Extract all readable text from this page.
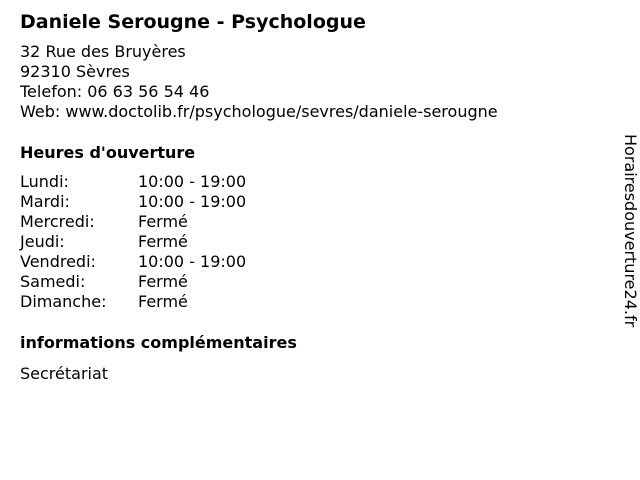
Daniele Serougne - Psychologue
32 Rue des Bruyères
92310 Sèvres
Telefon: 06 63 56 54 46
Web: www.doctolib.fr/psychologue/sevres/daniele-serougne
Heures d'ouverture
Lundi:	10:00 - 19:00
Mardi:	10:00 - 19:00
Mercredi:	Fermé
Jeudi:	Fermé
Vendredi:	10:00 - 19:00
Samedi:	Fermé
Dimanche:	Fermé
informations complémentaires
Secrétariat
Horairesdouverture24.fr
